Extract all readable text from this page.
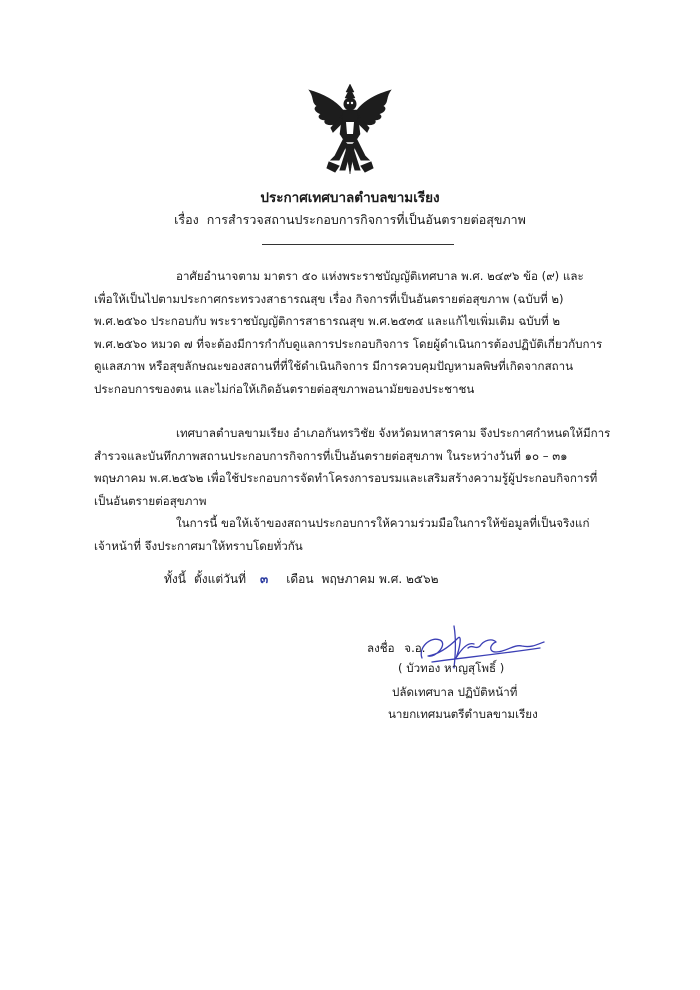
ประกาศเทศบาลตำบลขามเรียง
เรื่อง การสำรวจสถานประกอบการกิจการที่เป็นอันตรายต่อสุขภาพ
อาศัยอำนาจตาม มาตรา ๕๐ แห่งพระราชบัญญัติเทศบาล พ.ศ. ๒๔๙๖ ข้อ (๙) และ
เพื่อให้เป็นไปตามประกาศกระทรวงสาธารณสุข เรื่อง กิจการที่เป็นอันตรายต่อสุขภาพ (ฉบับที่ ๒)
พ.ศ.๒๕๖๐ ประกอบกับ พระราชบัญญัติการสาธารณสุข พ.ศ.๒๕๓๕ และแก้ไขเพิ่มเติม ฉบับที่ ๒
พ.ศ.๒๕๖๐ หมวด ๗ ที่จะต้องมีการกำกับดูแลการประกอบกิจการ โดยผู้ดำเนินการต้องปฏิบัติเกี่ยวกับการ
ดูแลสภาพ หรือสุขลักษณะของสถานที่ที่ใช้ดำเนินกิจการ มีการควบคุมปัญหามลพิษที่เกิดจากสถาน
ประกอบการของตน และไม่ก่อให้เกิดอันตรายต่อสุขภาพอนามัยของประชาชน
เทศบาลตำบลขามเรียง อำเภอกันทรวิชัย จังหวัดมหาสารคาม จึงประกาศกำหนดให้มีการ
สำรวจและบันทึกภาพสถานประกอบการกิจการที่เป็นอันตรายต่อสุขภาพ ในระหว่างวันที่ ๑๐ – ๓๑
พฤษภาคม พ.ศ.๒๕๖๒ เพื่อใช้ประกอบการจัดทำโครงการอบรมและเสริมสร้างความรู้ผู้ประกอบกิจการที่
เป็นอันตรายต่อสุขภาพ
ในการนี้ ขอให้เจ้าของสถานประกอบการให้ความร่วมมือในการให้ข้อมูลที่เป็นจริงแก่
เจ้าหน้าที่ จึงประกาศมาให้ทราบโดยทั่วกัน
ทั้งนี้ ตั้งแต่วันที่ ๓ เดือน พฤษภาคม พ.ศ. ๒๕๖๒
ลงชื่อ จ.อ.
( บัวทอง หาญสุโพธิ์ )
ปลัดเทศบาล ปฏิบัติหน้าที่
นายกเทศมนตรีตำบลขามเรียง
